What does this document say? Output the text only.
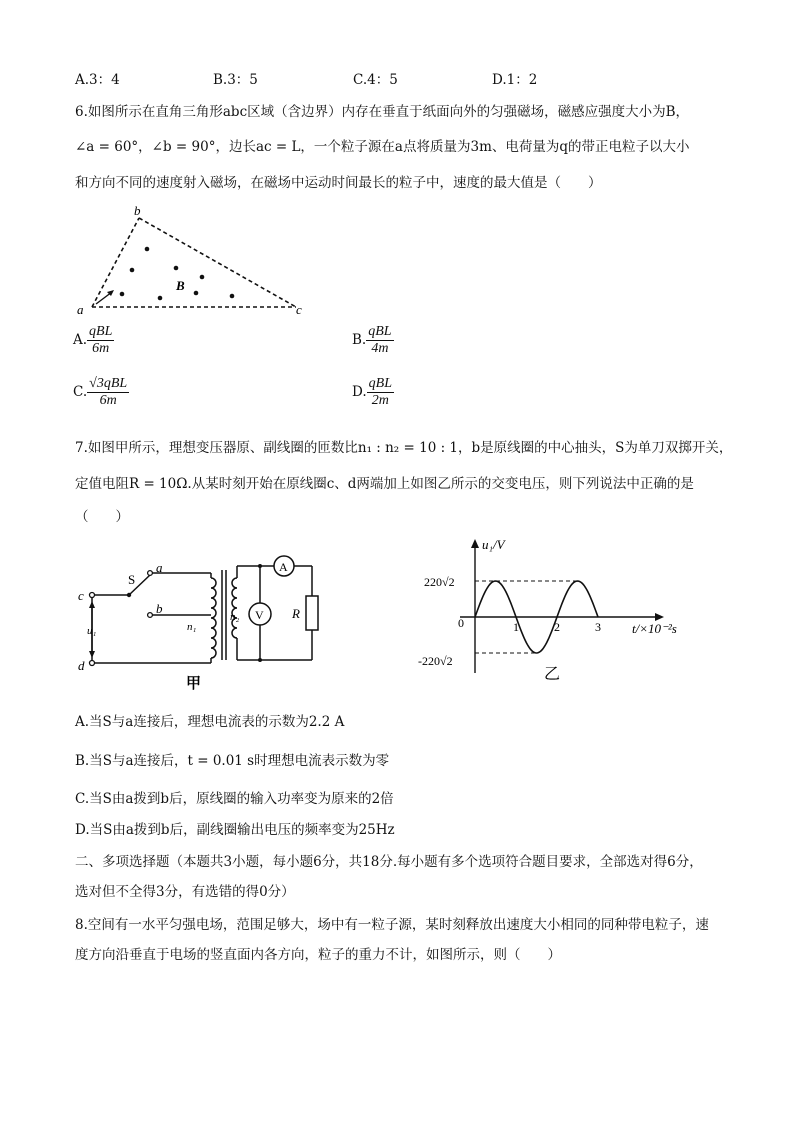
A.3：4	B.3：5	C.4：5	D.1：2
6.如图所示在直角三角形abc区域（含边界）内存在垂直于纸面向外的匀强磁场，磁感应强度大小为B，
∠a = 60°，∠b = 90°，边长ac = L，一个粒子源在a点将质量为3m、电荷量为q的带正电粒子以大小
和方向不同的速度射入磁场，在磁场中运动时间最长的粒子中，速度的最大值是（　　）
a
b
c
B
A. $\frac{\text{qBL}}{6m}$	B. $\frac{\text{qBL}}{4m}$
C. $\frac{\text{√3qBL}}{6m}$	D. $\frac{\text{qBL}}{2m}$
7.如图甲所示，理想变压器原、副线圈的匝数比n₁ : n₂ = 10 : 1，b是原线圈的中心抽头，S为单刀双掷开关，
定值电阻R = 10Ω.从某时刻开始在原线圈c、d两端加上如图乙所示的交变电压，则下列说法中正确的是
（　　）
c
d
S
a
b
u₁	n₁
n₂
A
V R
甲
u₁/V
t/×10⁻²s
220√2
0
-220√2
1	2	3
乙
A.当S与a连接后，理想电流表的示数为2.2 A
B.当S与a连接后，t = 0.01 s时理想电流表示数为零
C.当S由a拨到b后，原线圈的输入功率变为原来的2倍
D.当S由a拨到b后，副线圈输出电压的频率变为25Hz
二、多项选择题（本题共3小题，每小题6分，共18分.每小题有多个选项符合题目要求，全部选对得6分，
选对但不全得3分，有选错的得0分）
8.空间有一水平匀强电场，范围足够大，场中有一粒子源，某时刻释放出速度大小相同的同种带电粒子，速
度方向沿垂直于电场的竖直面内各方向，粒子的重力不计，如图所示，则（　　）
